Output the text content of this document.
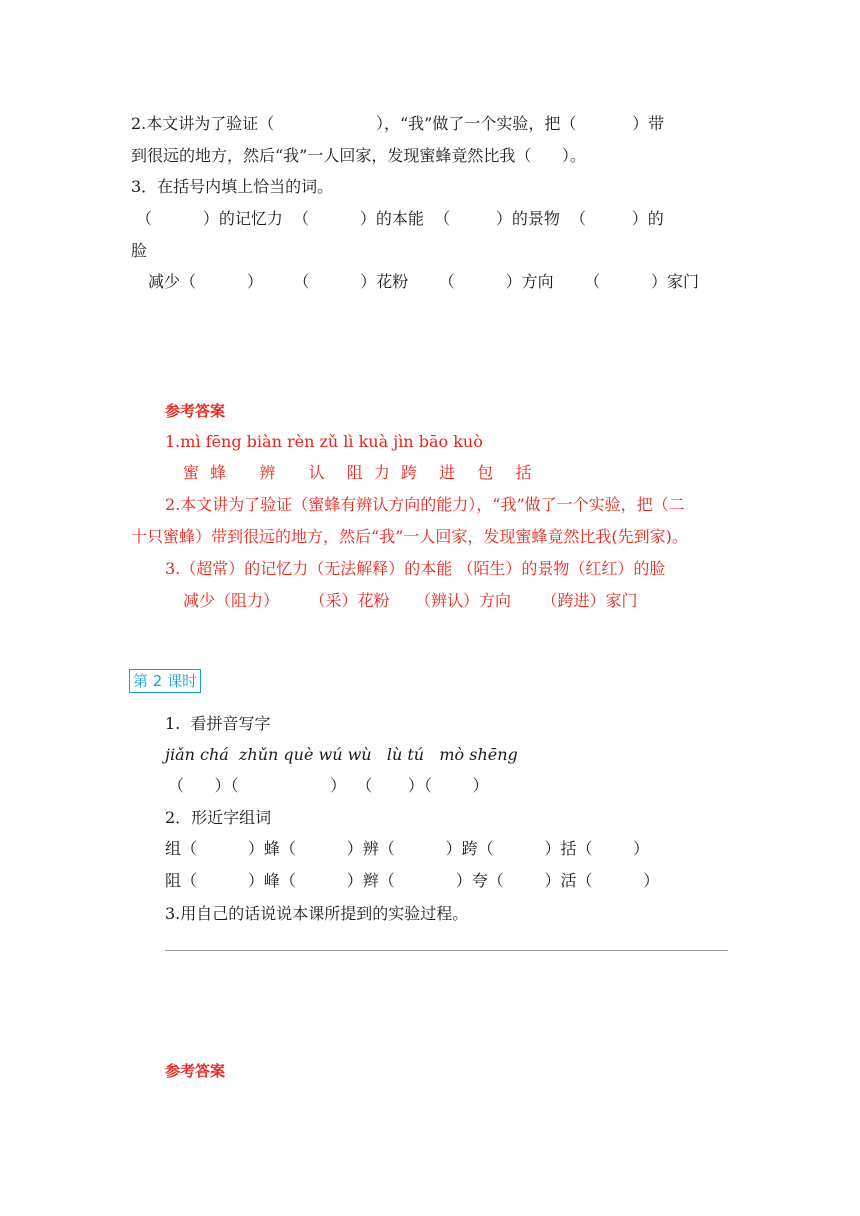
2.本文讲为了验证（                    ），“我”做了一个实验，把（           ）带
到很远的地方，然后“我”一人回家，发现蜜蜂竟然比我（      ）。
3．在括号内填上恰当的词。
（          ）的记忆力  （          ）的本能  （         ）的景物  （         ）的
脸
减少（          ）      （          ）花粉      （          ）方向      （          ）家门
参考答案
1.mì fēng biàn rèn zǔ lì kuà jìn bāo kuò
蜜 蜂   辨   认  阻 力 跨  进  包  括
2.本文讲为了验证（蜜蜂有辨认方向的能力），“我”做了一个实验，把（二
十只蜜蜂）带到很远的地方，然后“我”一人回家，发现蜜蜂竟然比我(先到家)。
3.（超常）的记忆力（无法解释）的本能 （陌生）的景物（红红）的脸
减少（阻力）      （采）花粉     （辨认）方向      （跨进）家门
第 2 课时
1.  看拼音写字
jiǎn chá  zhǔn què wú wù   lù tú   mò shēng
（      ）（                  ）  （       ）（        ）
2．形近字组词
组（          ）蜂（          ）辨（          ）跨（          ）括（        ）
阻（          ）峰（          ）辫（            ）夸（        ）活（          ）
3.用自己的话说说本课所提到的实验过程。
参考答案
